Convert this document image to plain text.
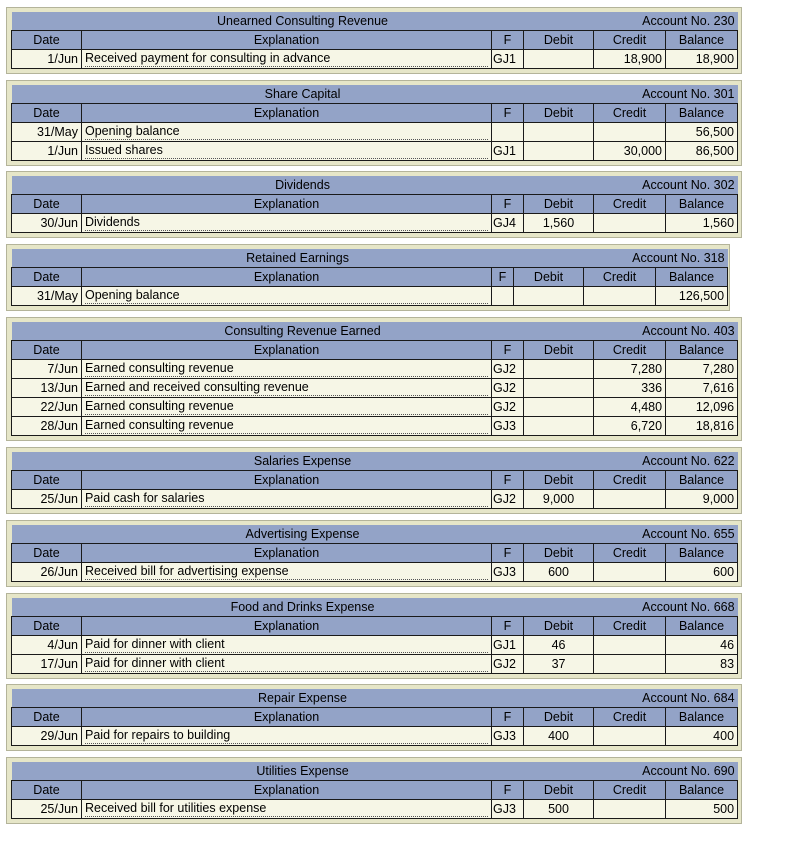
Unearned Consulting Revenue				Account No. 230	
Date	Explanation	F	Debit	Credit	Balance
1/Jun	Received payment for consulting in advance	GJ1		18,900	18,900
Share Capital				Account No. 301	
Date	Explanation	F	Debit	Credit	Balance
31/May	Opening balance				56,500
1/Jun	Issued shares	GJ1		30,000	86,500
Dividends				Account No. 302	
Date	Explanation	F	Debit	Credit	Balance
30/Jun	Dividends	GJ4	1,560		1,560
Retained Earnings				Account No. 318	
Date	Explanation	F	Debit	Credit	Balance
31/May	Opening balance				126,500
Consulting Revenue Earned				Account No. 403	
Date	Explanation	F	Debit	Credit	Balance
7/Jun	Earned consulting revenue	GJ2		7,280	7,280
13/Jun	Earned and received consulting revenue	GJ2		336	7,616
22/Jun	Earned consulting revenue	GJ2		4,480	12,096
28/Jun	Earned consulting revenue	GJ3		6,720	18,816
Salaries Expense				Account No. 622	
Date	Explanation	F	Debit	Credit	Balance
25/Jun	Paid cash for salaries	GJ2	9,000		9,000
Advertising Expense				Account No. 655	
Date	Explanation	F	Debit	Credit	Balance
26/Jun	Received bill for advertising expense	GJ3	600		600
Food and Drinks Expense				Account No. 668	
Date	Explanation	F	Debit	Credit	Balance
4/Jun	Paid for dinner with client	GJ1	46		46
17/Jun	Paid for dinner with client	GJ2	37		83
Repair Expense				Account No. 684	
Date	Explanation	F	Debit	Credit	Balance
29/Jun	Paid for repairs to building	GJ3	400		400
Utilities Expense				Account No. 690	
Date	Explanation	F	Debit	Credit	Balance
25/Jun	Received bill for utilities expense	GJ3	500		500
